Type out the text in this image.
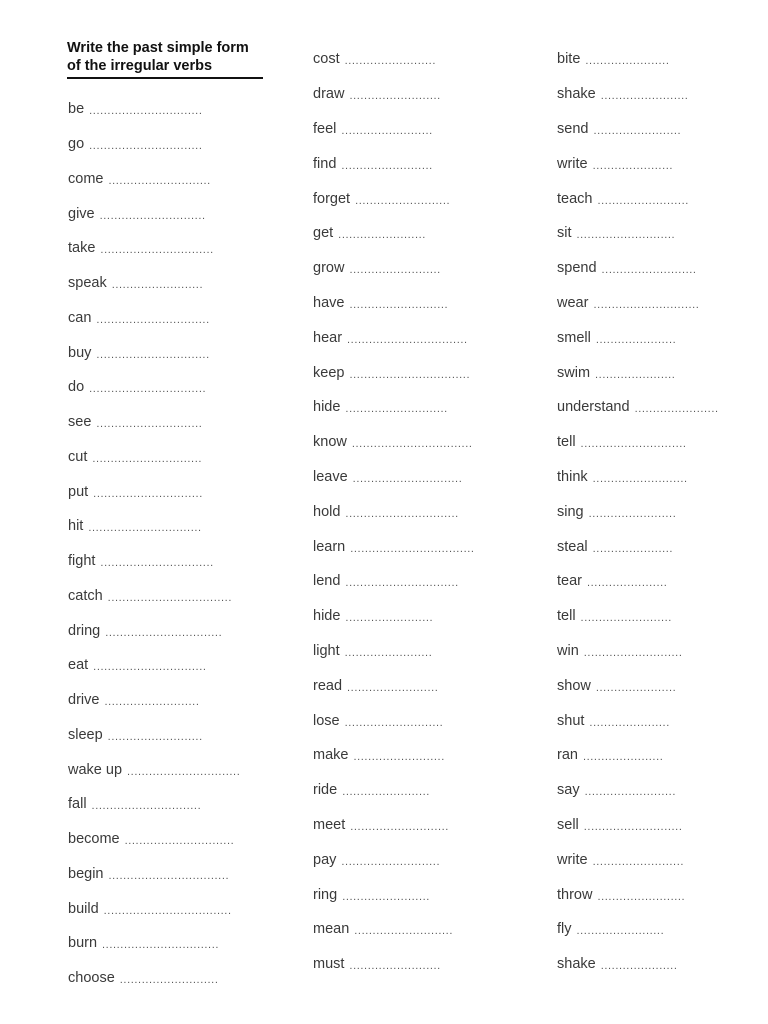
Write the past simple form
of the irregular verbs
be ...............................
go ...............................
come ............................
give .............................
take ...............................
speak .........................
can ...............................
buy ...............................
do ................................
see .............................
cut ..............................
put ..............................
hit ...............................
fight ...............................
catch ..................................
dring ................................
eat ...............................
drive ..........................
sleep ..........................
wake up ...............................
fall ..............................
become ..............................
begin .................................
build ...................................
burn ................................
choose ...........................
cost .........................
draw .........................
feel .........................
find .........................
forget ..........................
get ........................
grow .........................
have ...........................
hear .................................
keep .................................
hide ............................
know .................................
leave ..............................
hold ...............................
learn ..................................
lend ...............................
hide ........................
light ........................
read .........................
lose ...........................
make .........................
ride ........................
meet ...........................
pay ...........................
ring ........................
mean ...........................
must .........................
bite .......................
shake ........................
send ........................
write ......................
teach .........................
sit ...........................
spend ..........................
wear .............................
smell ......................
swim ......................
understand .......................
tell .............................
think ..........................
sing ........................
steal ......................
tear ......................
tell .........................
win ...........................
show ......................
shut ......................
ran ......................
say .........................
sell ...........................
write .........................
throw ........................
fly ........................
shake .....................
